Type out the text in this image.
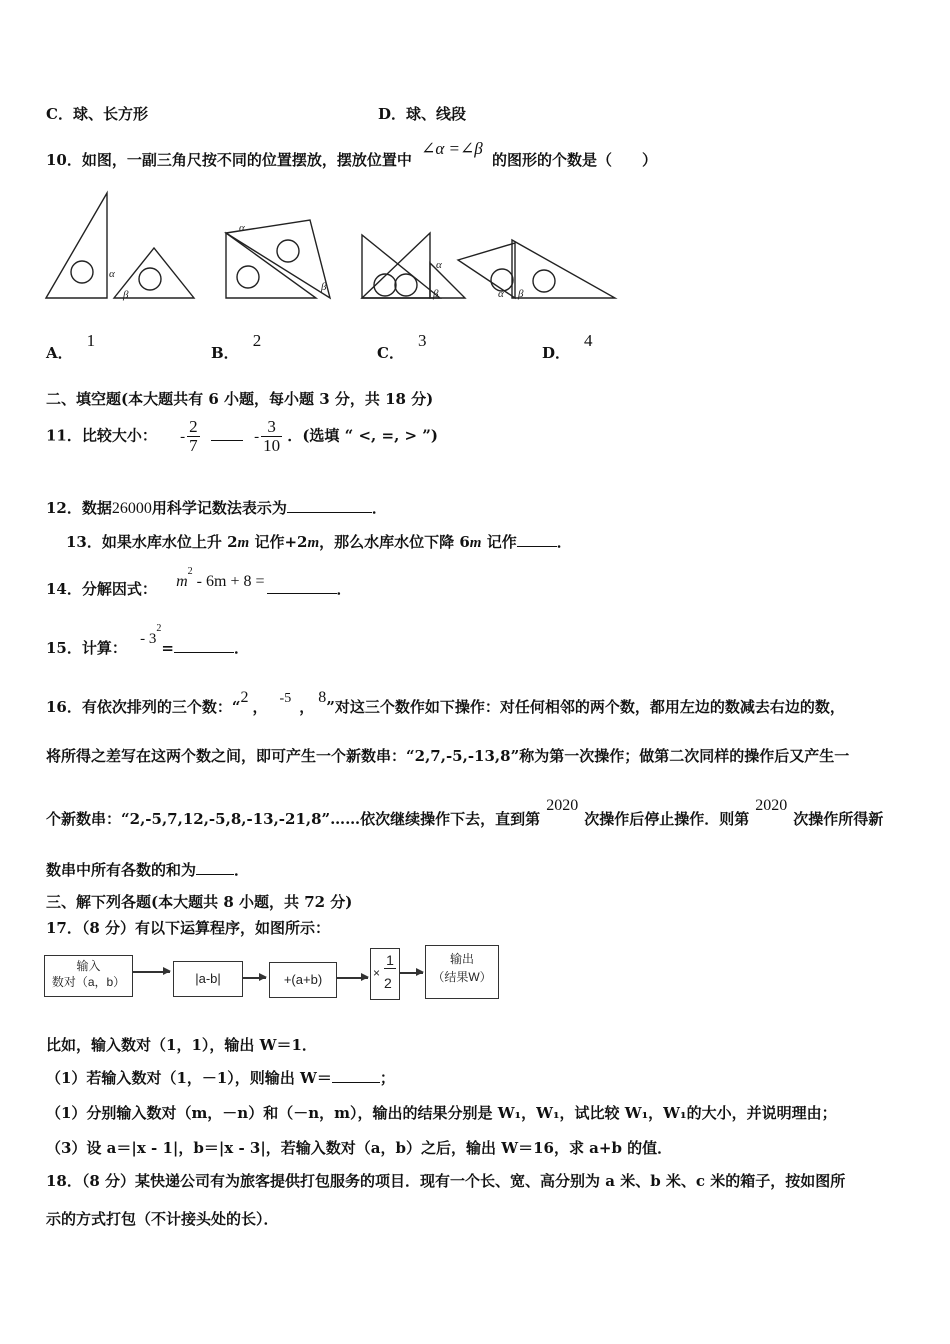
C．球、长方形	D．球、线段
10．如图，一副三角尺按不同的位置摆放，摆放位置中 ∠α =∠β 的图形的个数是（　　）
α
β
α
β
α
β	α β
A．1
B．2
C．3
D．4
二、填空题(本大题共有 6 小题，每小题 3 分，共 18 分)
11．比较大小： - $\frac{2}{7}$	- $\frac{3}{10}$ ．(选填 “ <, =, > ”)
12．数据26000用科学记数法表示为	．
13．如果水库水位上升 2m 记作+2m，那么水库水位下降 6m 记作	．
14．分解因式： $m^2 - 6m + 8$ =	．
15．计算： - $3^2=$	．
16．有依次排列的三个数：“2， -5 ，8”对这三个数作如下操作：对任何相邻的两个数，都用左边的数减去右边的数，
将所得之差写在这两个数之间，即可产生一个新数串：“2,7,-5,-13,8”称为第一次操作；做第二次同样的操作后又产生一
个新数串：“2,-5,7,12,-5,8,-13,-21,8”……依次继续操作下去，直到第2020次操作后停止操作．则第2020次操作所得新
数串中所有各数的和为	．
三、解下列各题(本大题共 8 小题，共 72 分)
17．（8 分）有以下运算程序，如图所示：
输入
数对（a，b）	|a-b|	+(a+b)	×
1
2
输出
（结果W）
比如，输入数对（1，1），输出 W＝1．
（1）若输入数对（1，－1），则输出 W＝	；
（1）分别输入数对（m，－n）和（－n，m），输出的结果分别是 W₁，W₁，试比较 W₁，W₁的大小，并说明理由；
（3）设 a＝|x - 1|，b＝|x - 3|，若输入数对（a，b）之后，输出 W＝16，求 a+b 的值．
18．（8 分）某快递公司有为旅客提供打包服务的项目．现有一个长、宽、高分别为 a 米、b 米、c 米的箱子，按如图所
示的方式打包（不计接头处的长）．
